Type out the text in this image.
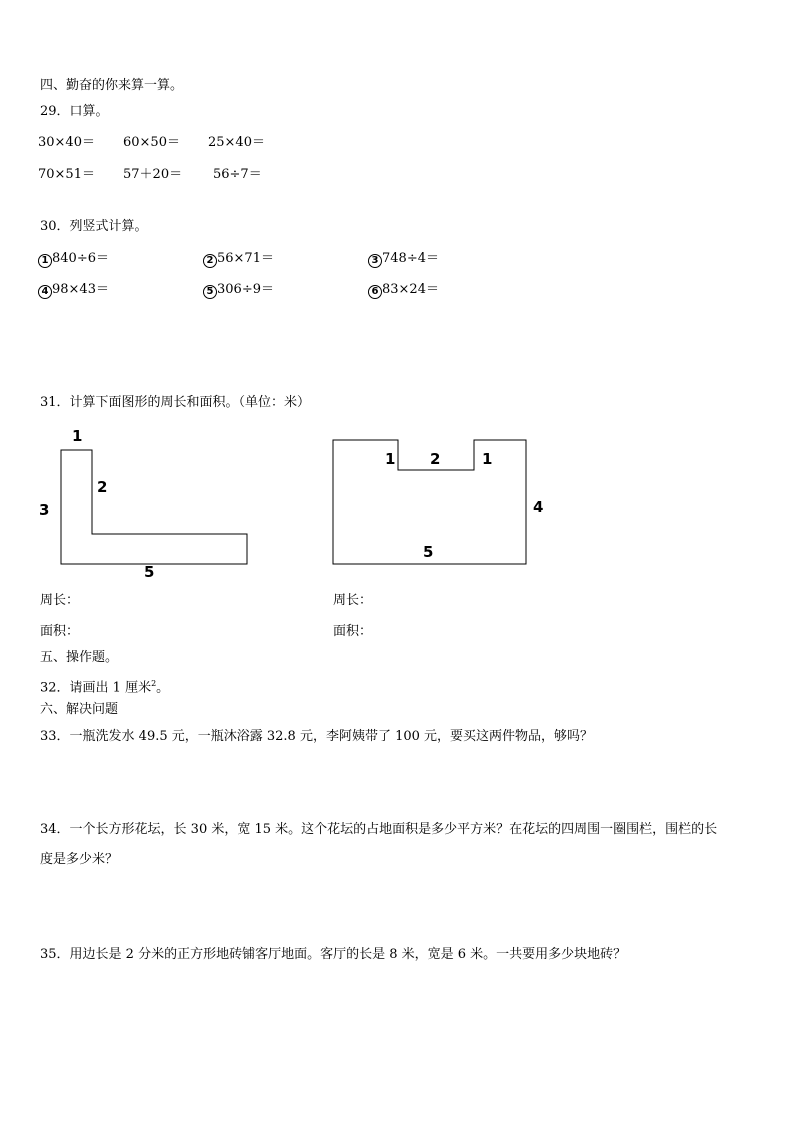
四、勤奋的你来算一算。
29．口算。
30×40＝ 60×50＝ 25×40＝
70×51＝ 57＋20＝ 56÷7＝
30．列竖式计算。
1 840÷6＝	2 56×71＝	3 748÷4＝
4 98×43＝	5 306÷9＝	6 83×24＝
31．计算下面图形的周长和面积。（单位：米）
1
2
3
5
1 2	1
4
5
周长：	周长：
面积：	面积：
五、操作题。
32．请画出 1 厘米$^2$。
六、解决问题
33．一瓶洗发水 49.5 元，一瓶沐浴露 32.8 元，李阿姨带了 100 元，要买这两件物品，够吗？
34．一个长方形花坛，长 30 米，宽 15 米。这个花坛的占地面积是多少平方米？在花坛的四周围一圈围栏，围栏的长
度是多少米？
35．用边长是 2 分米的正方形地砖铺客厅地面。客厅的长是 8 米，宽是 6 米。一共要用多少块地砖？
